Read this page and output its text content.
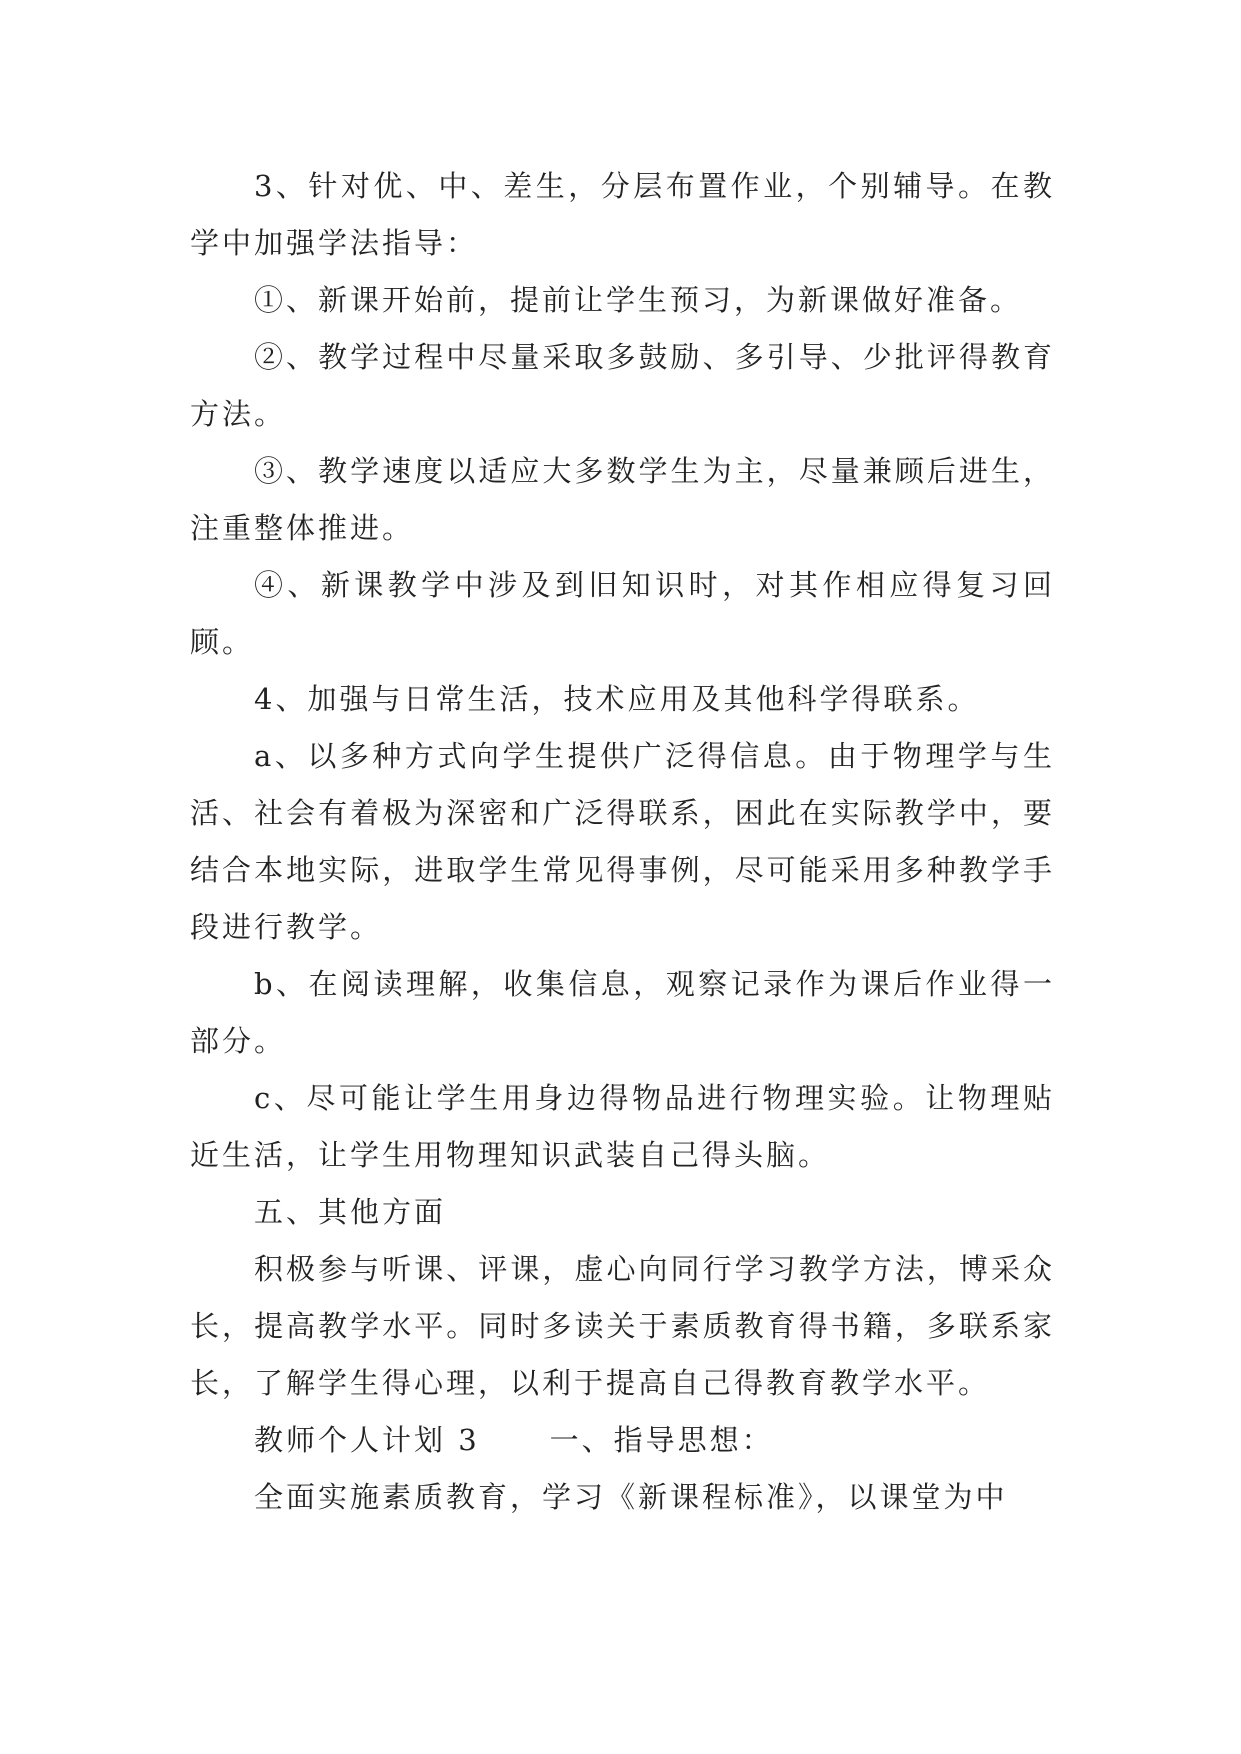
3、针对优、中、差生，分层布置作业，个别辅导。在教学中加强学法指导：

①、新课开始前，提前让学生预习，为新课做好准备。

②、教学过程中尽量采取多鼓励、多引导、少批评得教育方法。

③、教学速度以适应大多数学生为主，尽量兼顾后进生，注重整体推进。

④、新课教学中涉及到旧知识时，对其作相应得复习回顾。

4、加强与日常生活，技术应用及其他科学得联系。

a、以多种方式向学生提供广泛得信息。由于物理学与生活、社会有着极为深密和广泛得联系，困此在实际教学中，要结合本地实际，进取学生常见得事例，尽可能采用多种教学手段进行教学。

b、在阅读理解，收集信息，观察记录作为课后作业得一部分。

c、尽可能让学生用身边得物品进行物理实验。让物理贴近生活，让学生用物理知识武装自己得头脑。

五、其他方面

积极参与听课、评课，虚心向同行学习教学方法，博采众长，提高教学水平。同时多读关于素质教育得书籍，多联系家长，了解学生得心理，以利于提高自己得教育教学水平。

教师个人计划 3 一、指导思想：

全面实施素质教育，学习《新课程标准》，以课堂为中
